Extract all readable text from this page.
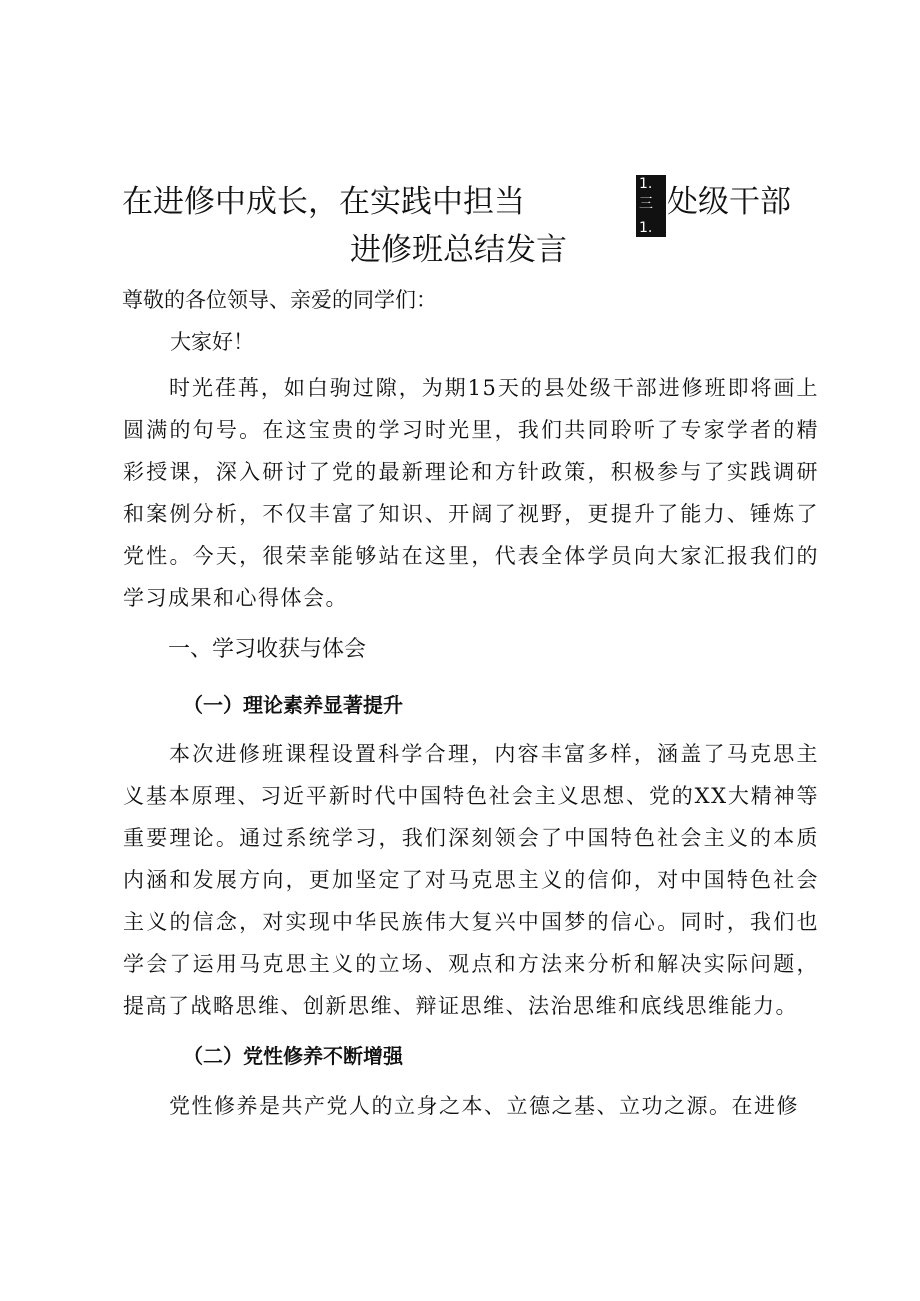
在进修中成长，在实践中担当	1.
三
1.
处级干部
进修班总结发言
尊敬的各位领导、亲爱的同学们：
大家好！
时光荏苒，如白驹过隙，为期15天的县处级干部进修班即将画上圆满的句号。在这宝贵的学习时光里，我们共同聆听了专家学者的精彩授课，深入研讨了党的最新理论和方针政策，积极参与了实践调研和案例分析，不仅丰富了知识、开阔了视野，更提升了能力、锤炼了党性。今天，很荣幸能够站在这里，代表全体学员向大家汇报我们的学习成果和心得体会。
一、学习收获与体会
（一）理论素养显著提升
本次进修班课程设置科学合理，内容丰富多样，涵盖了马克思主义基本原理、习近平新时代中国特色社会主义思想、党的XX大精神等重要理论。通过系统学习，我们深刻领会了中国特色社会主义的本质内涵和发展方向，更加坚定了对马克思主义的信仰，对中国特色社会主义的信念，对实现中华民族伟大复兴中国梦的信心。同时，我们也学会了运用马克思主义的立场、观点和方法来分析和解决实际问题，提高了战略思维、创新思维、辩证思维、法治思维和底线思维能力。
（二）党性修养不断增强
党性修养是共产党人的立身之本、立德之基、立功之源。在进修
